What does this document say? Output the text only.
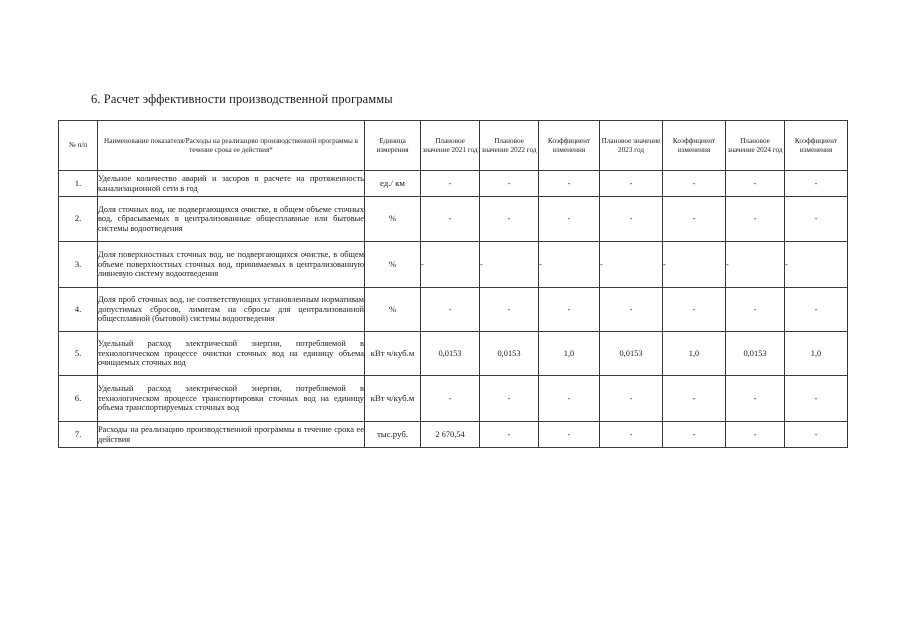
6. Расчет эффективности производственной программы
№ п/п	Наименование показателя/Расходы на реализацию производственной программы в течение срока ее действия*	Единица измерения	Плановое значение 2021 год	Плановое значение 2022 год	Коэффициент изменения	Плановое значение 2023 год	Коэффициент изменения	Плановое значение 2024 год	Коэффициент изменения
1.	Удельное количество аварий и засоров в расчете на протяженность канализационной сети в год	ед./ км	-	-	-	-	-	-	-
2.	Доля сточных вод, не подвергающихся очистке, в общем объеме сточных вод, сбрасываемых в централизованные общесплавные или бытовые системы водоотведения	%	-	-	-	-	-	-	-
3.	Доля поверхностных сточных вод, не подвергающихся очистке, в общем объеме поверхностных сточных вод, принимаемых в централизованную ливневую систему водоотведения	%	-	-	-	-	-	-	-
4.	Доля проб сточных вод, не соответствующих установленным нормативам допустимых сбросов, лимитам на сбросы для централизованной общесплавной (бытовой) системы водоотведения	%	-	-	-	-	-	-	-
5.	Удельный расход электрической энергии, потребляемой в технологическом процессе очистки сточных вод на единицу объема очищаемых сточных вод	кВт ч/куб.м	0,0153	0,0153	1,0	0,0153	1,0	0,0153	1,0
6.	Удельный расход электрической энергии, потребляемой в технологическом процессе транспортировки сточных вод на единицу объема транспортируемых сточных вод	кВт ч/куб.м	-	-	-	-	-	-	-
7.	Расходы на реализацию производственной программы в течение срока ее действия	тыс.руб.	2 670,54	-	-	-	-	-	-
